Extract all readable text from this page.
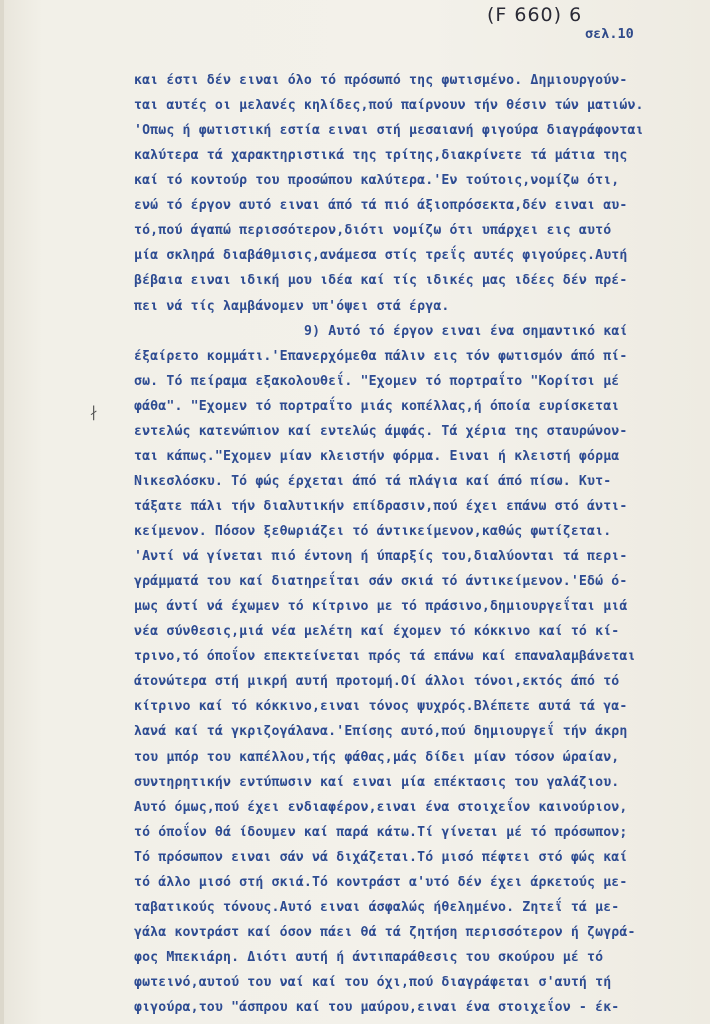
(F 660) 6
σελ.10
∤
και έστι δέν ειναι όλο τό πρόσωπό της φωτισμένο. Δημιουργούν-
ται αυτές οι μελανές κηλίδες,πού παίρνουν τήν θέσιν τών ματιών.
'Οπως ή φωτιστική εστία ειναι στή μεσαιανή φιγούρα διαγράφονται
καλύτερα τά χαρακτηριστικά της τρίτης,διακρίνετε τά μάτια της
καί τό κοντούρ του προσώπου καλύτερα.'Εν τούτοις,νομίζω ότι,
ενώ τό έργον αυτό ειναι άπό τά πιό άξιοπρόσεκτα,δέν ειναι αυ-
τό,πού άγαπώ περισσότερον,διότι νομίζω ότι υπάρχει εις αυτό
μία σκληρά διαβάθμισις,ανάμεσα στίς τρεΐς αυτές φιγούρες.Αυτή
βέβαια ειναι ιδική μου ιδέα καί τίς ιδικές μας ιδέες δέν πρέ-
πει νά τίς λαμβάνομεν υπ'όψει στά έργα.
9) Αυτό τό έργον ειναι ένα σημαντικό καί
έξαίρετο κομμάτι.'Επανερχόμεθα πάλιν εις τόν φωτισμόν άπό πί-
σω. Τό πείραμα εξακολουθεΐ. "Εχομεν τό πορτραΐτο "Κορίτσι μέ
φάθα". "Εχομεν τό πορτραΐτο μιάς κοπέλλας,ή όποία ευρίσκεται
εντελώς κατενώπιον καί εντελώς άμφάς. Τά χέρια της σταυρώνον-
ται κάπως."Εχομεν μίαν κλειστήν φόρμα. Ειναι ή κλειστή φόρμα
Νικεσλόσκυ. Τό φώς έρχεται άπό τά πλάγια καί άπό πίσω. Κυτ-
τάξατε πάλι τήν διαλυτικήν επίδρασιν,πού έχει επάνω στό άντι-
κείμενον. Πόσον ξεθωριάζει τό άντικείμενον,καθώς φωτίζεται.
'Αντί νά γίνεται πιό έντονη ή ύπαρξίς του,διαλύονται τά περι-
γράμματά του καί διατηρεΐται σάν σκιά τό άντικείμενον.'Εδώ ό-
μως άντί νά έχωμεν τό κίτρινο με τό πράσινο,δημιουργεΐται μιά
νέα σύνθεσις,μιά νέα μελέτη καί έχομεν τό κόκκινο καί τό κί-
τρινο,τό όποΐον επεκτείνεται πρός τά επάνω καί επαναλαμβάνεται
άτονώτερα στή μικρή αυτή προτομή.Οί άλλοι τόνοι,εκτός άπό τό
κίτρινο καί τό κόκκινο,ειναι τόνος ψυχρός.Βλέπετε αυτά τά γα-
λανά καί τά γκριζογάλανα.'Επίσης αυτό,πού δημιουργεΐ τήν άκρη
του μπόρ του καπέλλου,τής φάθας,μάς δίδει μίαν τόσον ώραίαν,
συντηρητικήν εντύπωσιν καί ειναι μία επέκτασις του γαλάζιου.
Αυτό όμως,πού έχει ενδιαφέρον,ειναι ένα στοιχεΐον καινούριον,
τό όποΐον θά ίδουμεν καί παρά κάτω.Τί γίνεται μέ τό πρόσωπον;
Τό πρόσωπον ειναι σάν νά διχάζεται.Τό μισό πέφτει στό φώς καί
τό άλλο μισό στή σκιά.Τό κοντράστ α'υτό δέν έχει άρκετούς με-
ταβατικούς τόνους.Αυτό ειναι άσφαλώς ήθελημένο. Ζητεΐ τά με-
γάλα κοντράστ καί όσον πάει θά τά ζητήση περισσότερον ή ζωγρά-
φος Μπεκιάρη. Διότι αυτή ή άντιπαράθεσις του σκούρου μέ τό
φωτεινό,αυτού του ναί καί του όχι,πού διαγράφεται σ'αυτή τή
φιγούρα,του "άσπρου καί του μαύρου,ειναι ένα στοιχεΐον - έκ-
